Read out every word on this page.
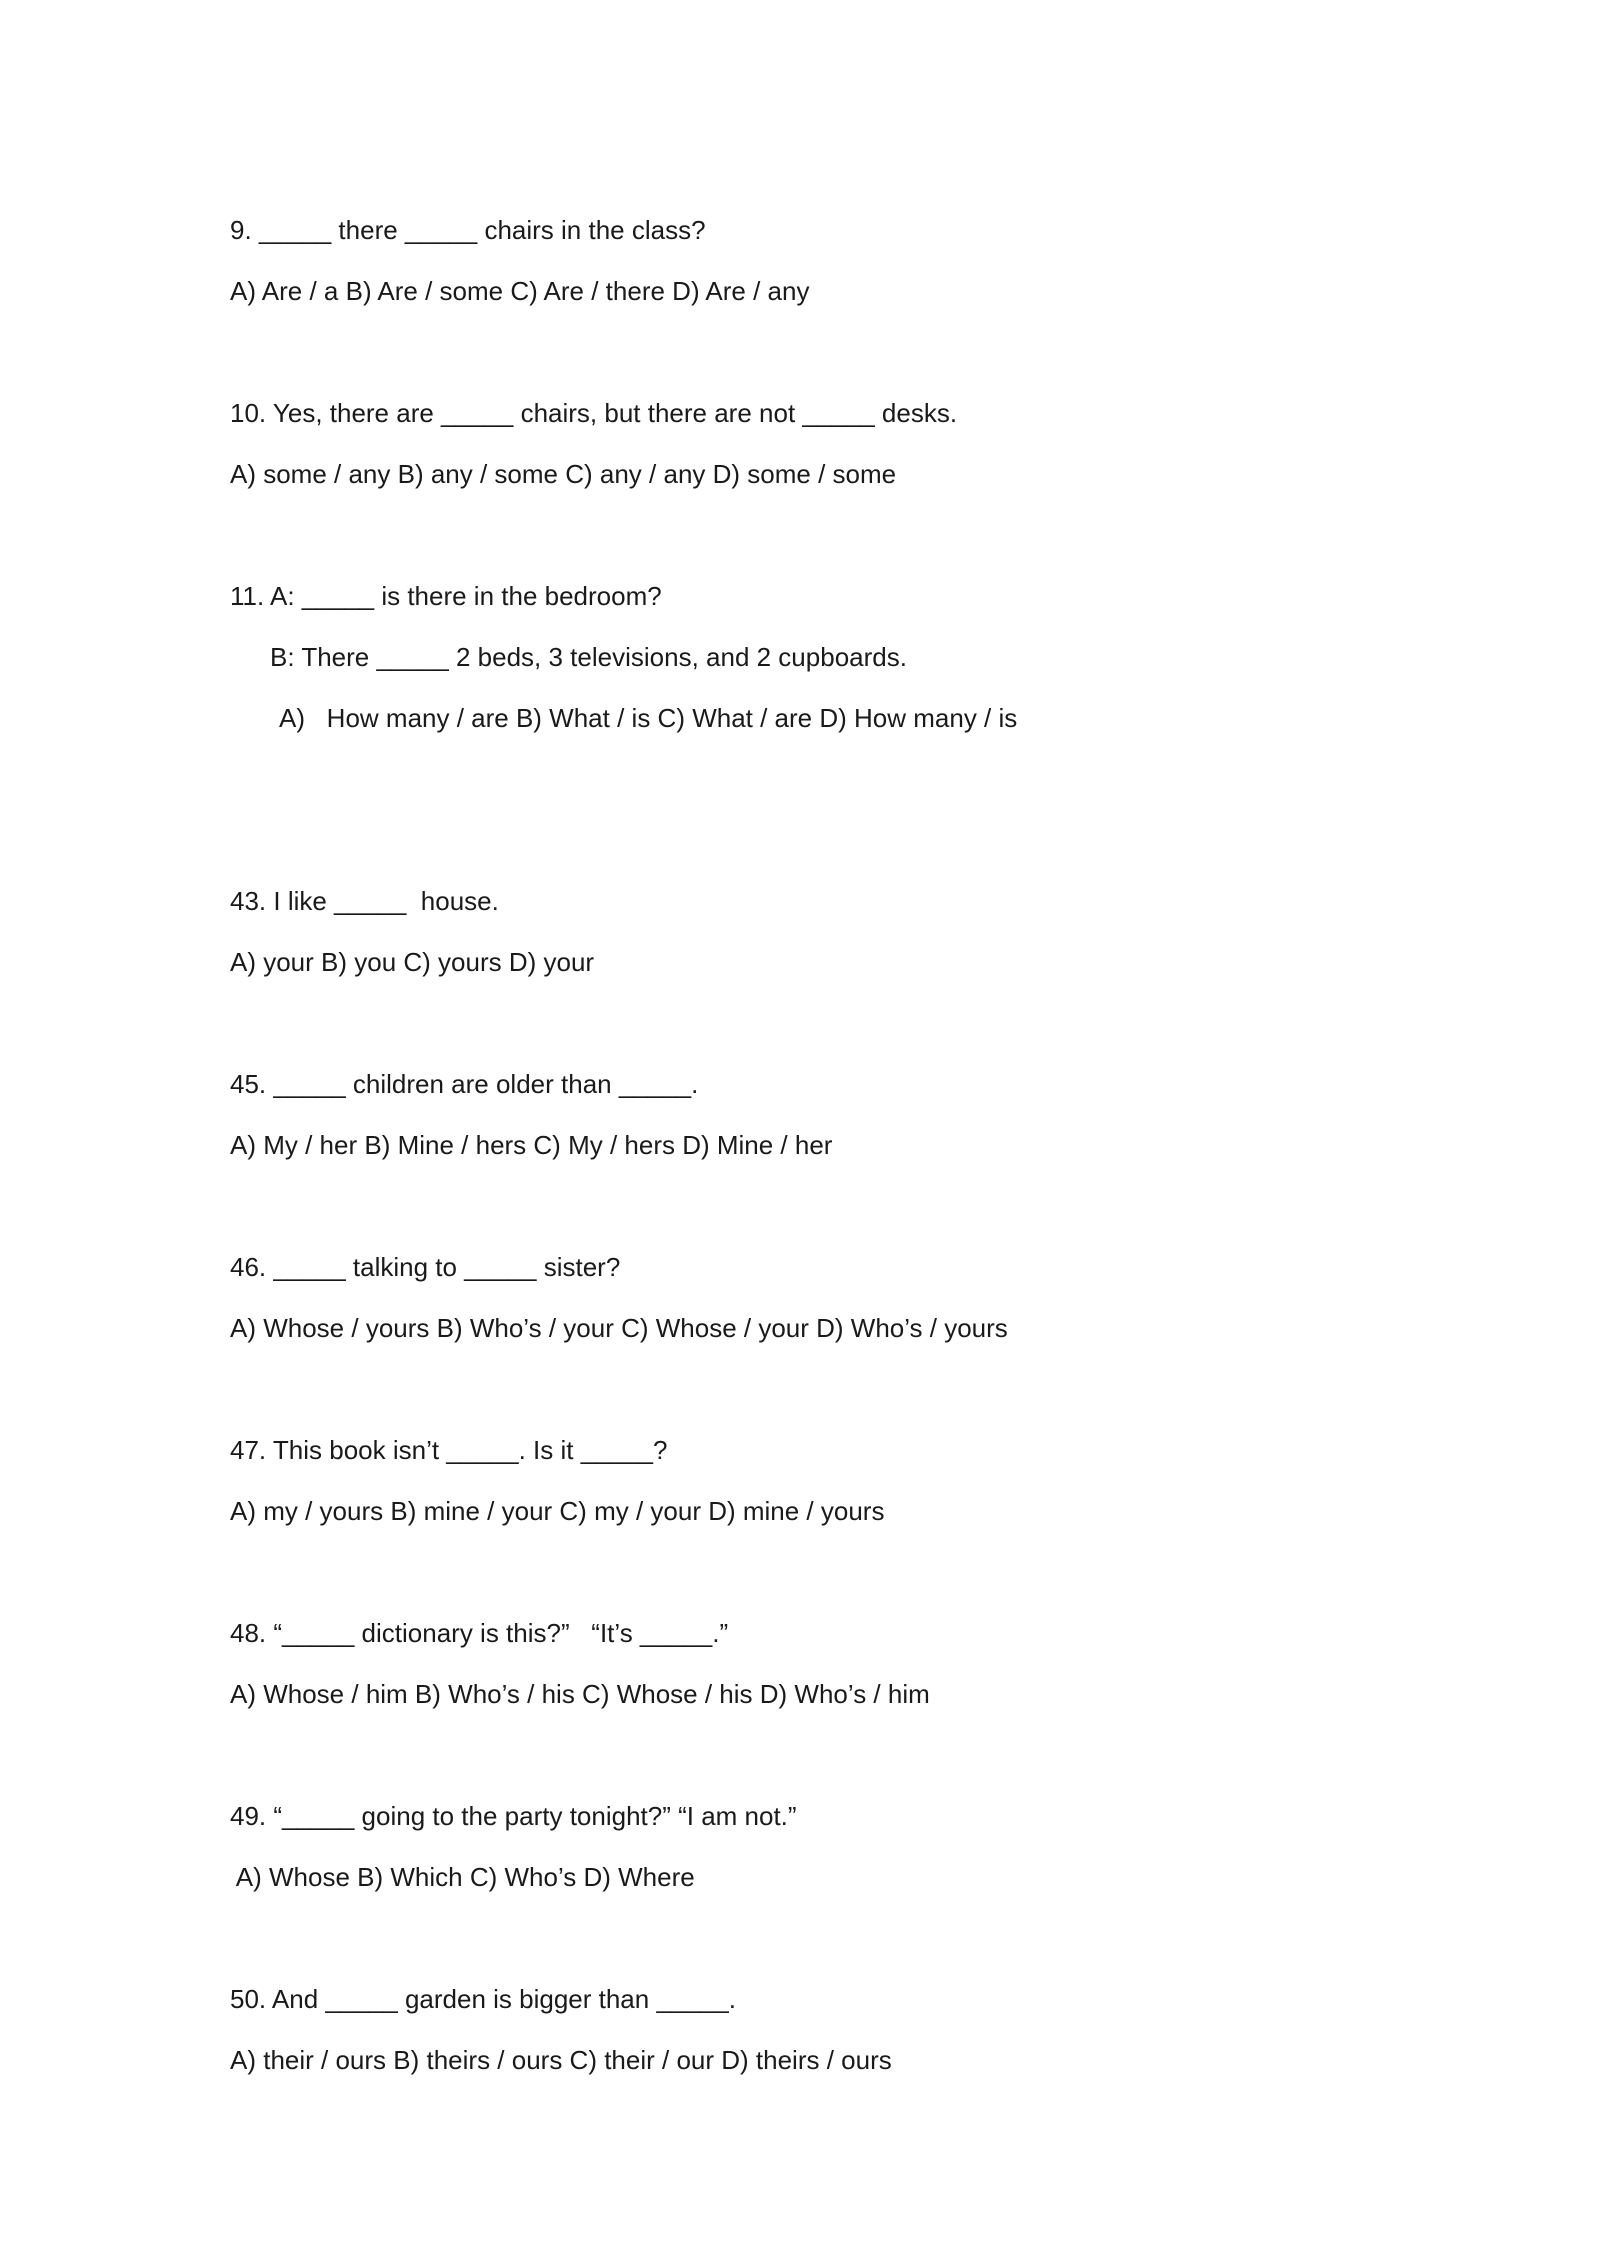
9. _____ there _____ chairs in the class?
A) Are / a B) Are / some C) Are / there D) Are / any
10. Yes, there are _____ chairs, but there are not _____ desks.
A) some / any B) any / some C) any / any D) some / some
11. A: _____ is there in the bedroom?
B: There _____ 2 beds, 3 televisions, and 2 cupboards.
A)   How many / are B) What / is C) What / are D) How many / is
43. I like _____  house.
A) your B) you C) yours D) your
45. _____ children are older than _____.
A) My / her B) Mine / hers C) My / hers D) Mine / her
46. _____ talking to _____ sister?
A) Whose / yours B) Who’s / your C) Whose / your D) Who’s / yours
47. This book isn’t _____. Is it _____?
A) my / yours B) mine / your C) my / your D) mine / yours
48. “_____ dictionary is this?”   “It’s _____.”
A) Whose / him B) Who’s / his C) Whose / his D) Who’s / him
49. “_____ going to the party tonight?” “I am not.”
A) Whose B) Which C) Who’s D) Where
50. And _____ garden is bigger than _____.
A) their / ours B) theirs / ours C) their / our D) theirs / ours
